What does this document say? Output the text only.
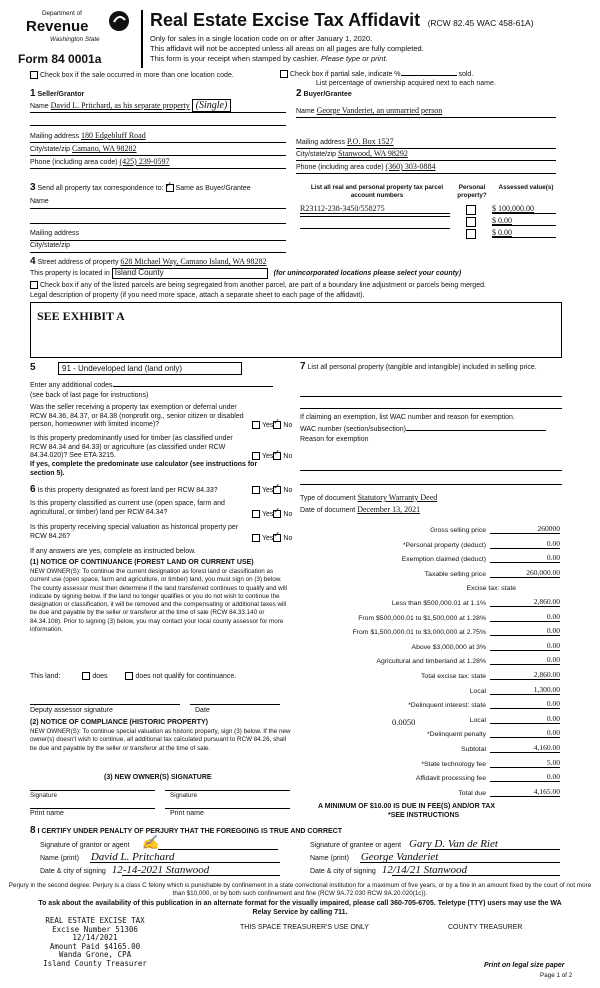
Department of
Revenue
Washington State
Form 84 0001a
Real Estate Excise Tax Affidavit (RCW 82.45 WAC 458-61A)
Only for sales in a single location code on or after January 1, 2020.
This affidavit will not be accepted unless all areas on all pages are fully completed.
This form is your receipt when stamped by cashier. Please type or print.
Check box if the sale occurred in more than one location code.	Check box if partial sale, indicate %	sold.
List percentage of ownership acquired next to each name.
1 Seller/Grantor
Name David L. Pritchard, as his separate property (Single)
Mailing address 180 Edgebluff Road
City/state/zip Camano, WA 98282
Phone (including area code) (425) 239-0597
2 Buyer/Grantee
Name George Vanderiet, an unmarried person
Mailing address P.O. Box 1527
City/state/zip Stanwood, WA 98292
Phone (including area code) (360) 303-0884
3 Send all property tax correspondence to: ✓ Same as Buyer/Grantee
Name
Mailing address
City/state/zip
List all real and personal property tax parcel account numbers
Personal property?
Assessed value(s)
R23112-238-3450/558275	$ 100,000.00
$ 0.00
$ 0.00
4 Street address of property 628 Michael Way, Camano Island, WA 98282
This property is located in Island County	(for unincorporated locations please select your county)
Check box if any of the listed parcels are being segregated from another parcel, are part of a boundary line adjustment or parcels being merged.
Legal description of property (if you need more space, attach a separate sheet to each page of the affidavit).
SEE EXHIBIT A
5	91 - Undeveloped land (land only)
Enter any additional codes
(see back of last page for instructions)
Was the seller receiving a property tax exemption or deferral under RCW 84.36, 84.37, or 84.38 (nonprofit org., senior citizen or disabled person, homeowner with limited income)?	Yes ✓ No
Is this property predominantly used for timber (as classified under RCW 84.34 and 84.33) or agriculture (as classified under RCW 84.34.020)? See ETA 3215.	Yes ✓ No
If yes, complete the predominate use calculator (see instructions for section 5).
6 Is this property designated as forest land per RCW 84.33?	Yes ✓ No
Is this property classified as current use (open space, farm and agricultural, or timber) land per RCW 84.34?	Yes ✓ No
Is this property receiving special valuation as historical property per RCW 84.26?	Yes ✓ No
If any answers are yes, complete as instructed below.
(1) NOTICE OF CONTINUANCE (FOREST LAND OR CURRENT USE)
NEW OWNER(S): To continue the current designation as forest land or classification as current use (open space, farm and agriculture, or timber) land, you must sign on (3) below. The county assessor must then determine if the land transferred continues to qualify and will indicate by signing below. If the land no longer qualifies or you do not wish to continue the designation or classification, it will be removed and the compensating or additional taxes will be due and payable by the seller or transferor at the time of sale (RCW 84.33.140 or 84.34.108). Prior to signing (3) below, you may contact your local county assessor for more information.
This land:	does	does not qualify for continuance.
Deputy assessor signature	Date
(2) NOTICE OF COMPLIANCE (HISTORIC PROPERTY)
NEW OWNER(S): To continue special valuation as historic property, sign (3) below. If the new owner(s) doesn't wish to continue, all additional tax calculated pursuant to RCW 84.26, shall be due and payable by the seller or transferor at the time of sale.
(3) NEW OWNER(S) SIGNATURE
Signature	Signature
Print name	Print name
7 List all personal property (tangible and intangible) included in selling price.
If claiming an exemption, list WAC number and reason for exemption.
WAC number (section/subsection)
Reason for exemption
Type of document Statutory Warranty Deed
Date of document December 13, 2021
Gross selling price	260000
*Personal property (deduct)	0.00
Exemption claimed (deduct)	0.00
Taxable selling price	260,000.00
Excise tax: state
Less than $500,000.01 at 1.1%	2,860.00
From $500,000.01 to $1,500,000 at 1.28%	0.00
From $1,500,000.01 to $3,000,000 at 2.75%	0.00
Above $3,000,000 at 3%	0.00
Agricultural and timberland at 1.28%	0.00
Total excise tax: state	2,860.00
Local	1,300.00
*Delinquent interest: state	0.00
Local	0.00
*Delinquent penalty	0.00
Subtotal	4,160.00
*State technology fee	5.00
Affidavit processing fee	0.00
Total due	4,165.00
0.0050
A MINIMUM OF $10.00 IS DUE IN FEE(S) AND/OR TAX
*SEE INSTRUCTIONS
8 I CERTIFY UNDER PENALTY OF PERJURY THAT THE FOREGOING IS TRUE AND CORRECT
Signature of grantor or agent ✍
Name (print) David L. Pritchard
Date & city of signing 12-14-2021 Stanwood
Signature of grantee or agent Gary D. Van de Riet
Name (print) George Vanderiet
Date & city of signing 12/14/21 Stanwood
Perjury in the second degree: Perjury is a class C felony which is punishable by confinement in a state correctional institution for a maximum of five years, or by a fine in an amount fixed by the court of not more than $10,000, or by both such confinement and fine (RCW 9A.72.030 RCW 9A.20.020(1c)).
To ask about the availability of this publication in an alternate format for the visually impaired, please call 360-705-6705. Teletype (TTY) users may use the WA Relay Service by calling 711.
REAL ESTATE EXCISE TAX
Excise Number 51306
12/14/2021
Amount Paid $4165.00
Wanda Grone, CPA
Island County Treasurer
THIS SPACE TREASURER'S USE ONLY	COUNTY TREASURER
Print on legal size paper
Page 1 of 2
